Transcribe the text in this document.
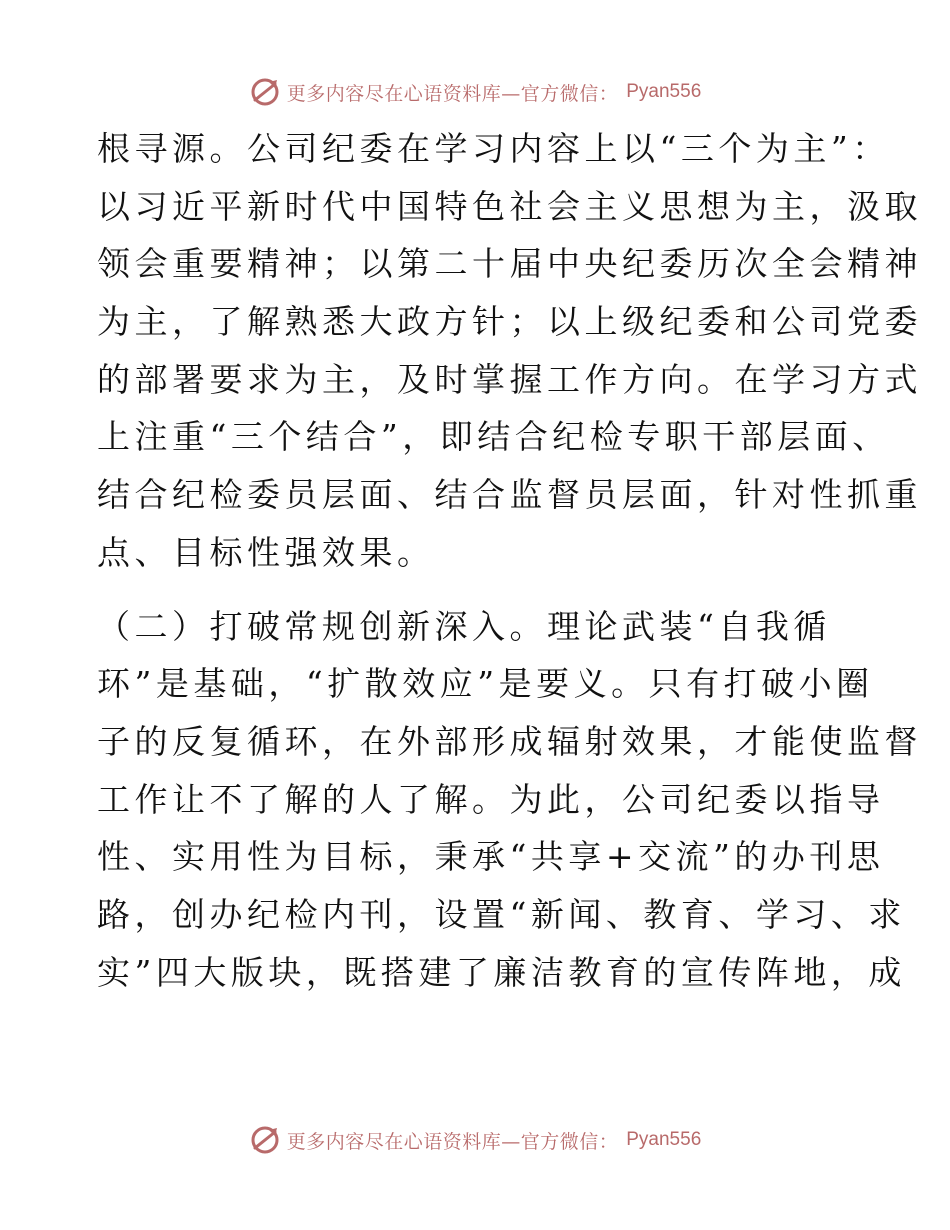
更多内容尽在心语资料库—官方微信： Pyan556
根寻源。公司纪委在学习内容上以“三个为主”：
以习近平新时代中国特色社会主义思想为主，汲取
领会重要精神；以第二十届中央纪委历次全会精神
为主，了解熟悉大政方针；以上级纪委和公司党委
的部署要求为主，及时掌握工作方向。在学习方式
上注重“三个结合”，即结合纪检专职干部层面、
结合纪检委员层面、结合监督员层面，针对性抓重
点、目标性强效果。
（二）打破常规创新深入。理论武装“自我循
环”是基础，“扩散效应”是要义。只有打破小圈
子的反复循环，在外部形成辐射效果，才能使监督
工作让不了解的人了解。为此，公司纪委以指导
性、实用性为目标，秉承“共享+交流”的办刊思
路，创办纪检内刊，设置“新闻、教育、学习、求
实”四大版块，既搭建了廉洁教育的宣传阵地，成
更多内容尽在心语资料库—官方微信： Pyan556
